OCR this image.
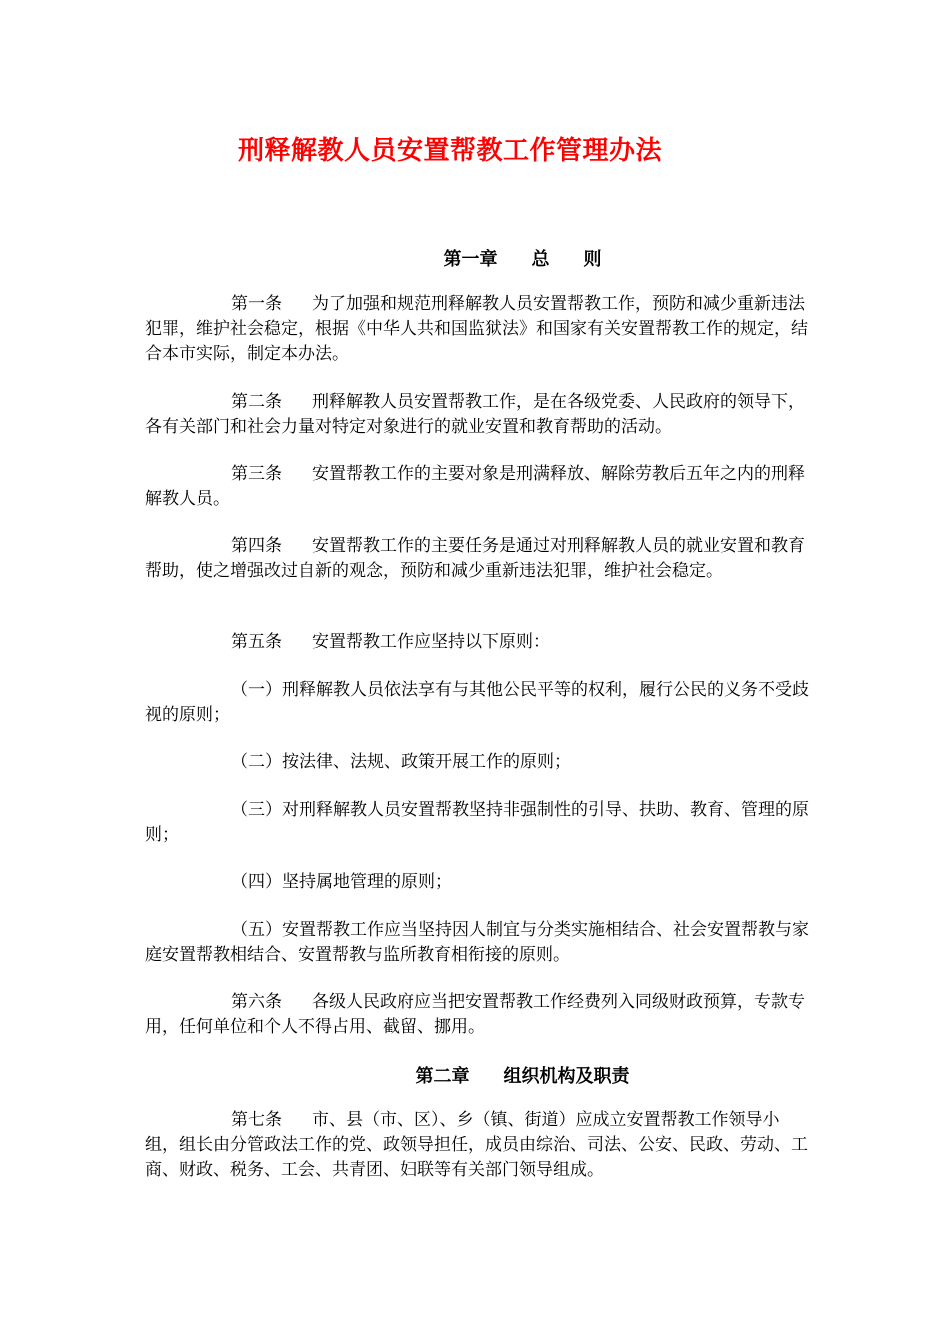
刑释解教人员安置帮教工作管理办法
第一章 总 则
第一条 为了加强和规范刑释解教人员安置帮教工作，预防和减少重新违法犯罪，维护社会稳定，根据《中华人共和国监狱法》和国家有关安置帮教工作的规定，结合本市实际，制定本办法。
第二条 刑释解教人员安置帮教工作，是在各级党委、人民政府的领导下，各有关部门和社会力量对特定对象进行的就业安置和教育帮助的活动。
第三条 安置帮教工作的主要对象是刑满释放、解除劳教后五年之内的刑释解教人员。
第四条 安置帮教工作的主要任务是通过对刑释解教人员的就业安置和教育帮助，使之增强改过自新的观念，预防和减少重新违法犯罪，维护社会稳定。
第五条 安置帮教工作应坚持以下原则：
（一）刑释解教人员依法享有与其他公民平等的权利，履行公民的义务不受歧视的原则；
（二）按法律、法规、政策开展工作的原则；
（三）对刑释解教人员安置帮教坚持非强制性的引导、扶助、教育、管理的原则；
（四）坚持属地管理的原则；
（五）安置帮教工作应当坚持因人制宜与分类实施相结合、社会安置帮教与家庭安置帮教相结合、安置帮教与监所教育相衔接的原则。
第六条 各级人民政府应当把安置帮教工作经费列入同级财政预算，专款专用，任何单位和个人不得占用、截留、挪用。
第二章 组织机构及职责
第七条 市、县（市、区）、乡（镇、街道）应成立安置帮教工作领导小组，组长由分管政法工作的党、政领导担任，成员由综治、司法、公安、民政、劳动、工商、财政、税务、工会、共青团、妇联等有关部门领导组成。
